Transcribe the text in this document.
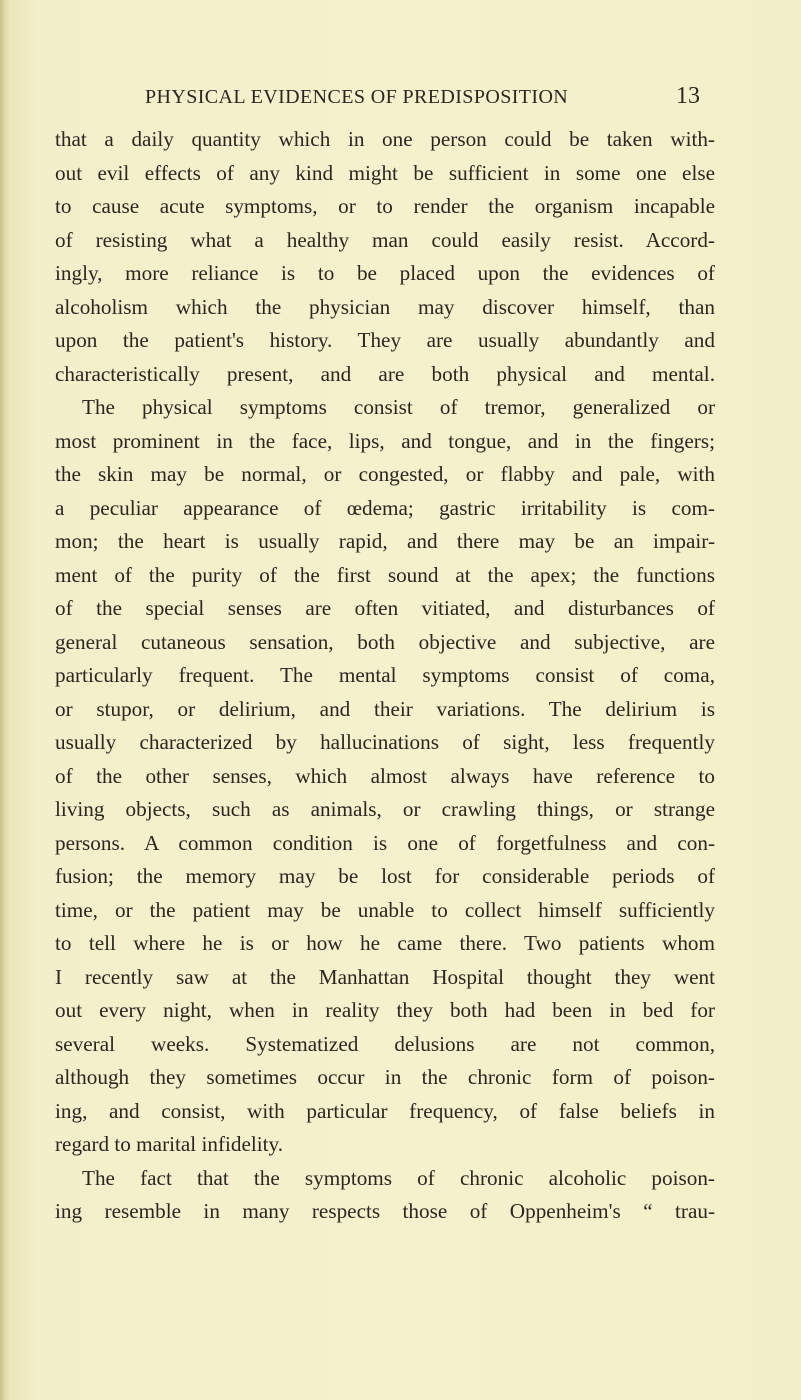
PHYSICAL EVIDENCES OF PREDISPOSITION	13
that a daily quantity which in one person could be taken with-
out evil effects of any kind might be sufficient in some one else
to cause acute symptoms, or to render the organism incapable
of resisting what a healthy man could easily resist. Accord-
ingly, more reliance is to be placed upon the evidences of
alcoholism which the physician may discover himself, than
upon the patient's history. They are usually abundantly and
characteristically present, and are both physical and mental.
The physical symptoms consist of tremor, generalized or
most prominent in the face, lips, and tongue, and in the fingers;
the skin may be normal, or congested, or flabby and pale, with
a peculiar appearance of œdema; gastric irritability is com-
mon; the heart is usually rapid, and there may be an impair-
ment of the purity of the first sound at the apex; the functions
of the special senses are often vitiated, and disturbances of
general cutaneous sensation, both objective and subjective, are
particularly frequent. The mental symptoms consist of coma,
or stupor, or delirium, and their variations. The delirium is
usually characterized by hallucinations of sight, less frequently
of the other senses, which almost always have reference to
living objects, such as animals, or crawling things, or strange
persons. A common condition is one of forgetfulness and con-
fusion; the memory may be lost for considerable periods of
time, or the patient may be unable to collect himself sufficiently
to tell where he is or how he came there. Two patients whom
I recently saw at the Manhattan Hospital thought they went
out every night, when in reality they both had been in bed for
several weeks. Systematized delusions are not common,
although they sometimes occur in the chronic form of poison-
ing, and consist, with particular frequency, of false beliefs in
regard to marital infidelity.
The fact that the symptoms of chronic alcoholic poison-
ing resemble in many respects those of Oppenheim's “ trau-
